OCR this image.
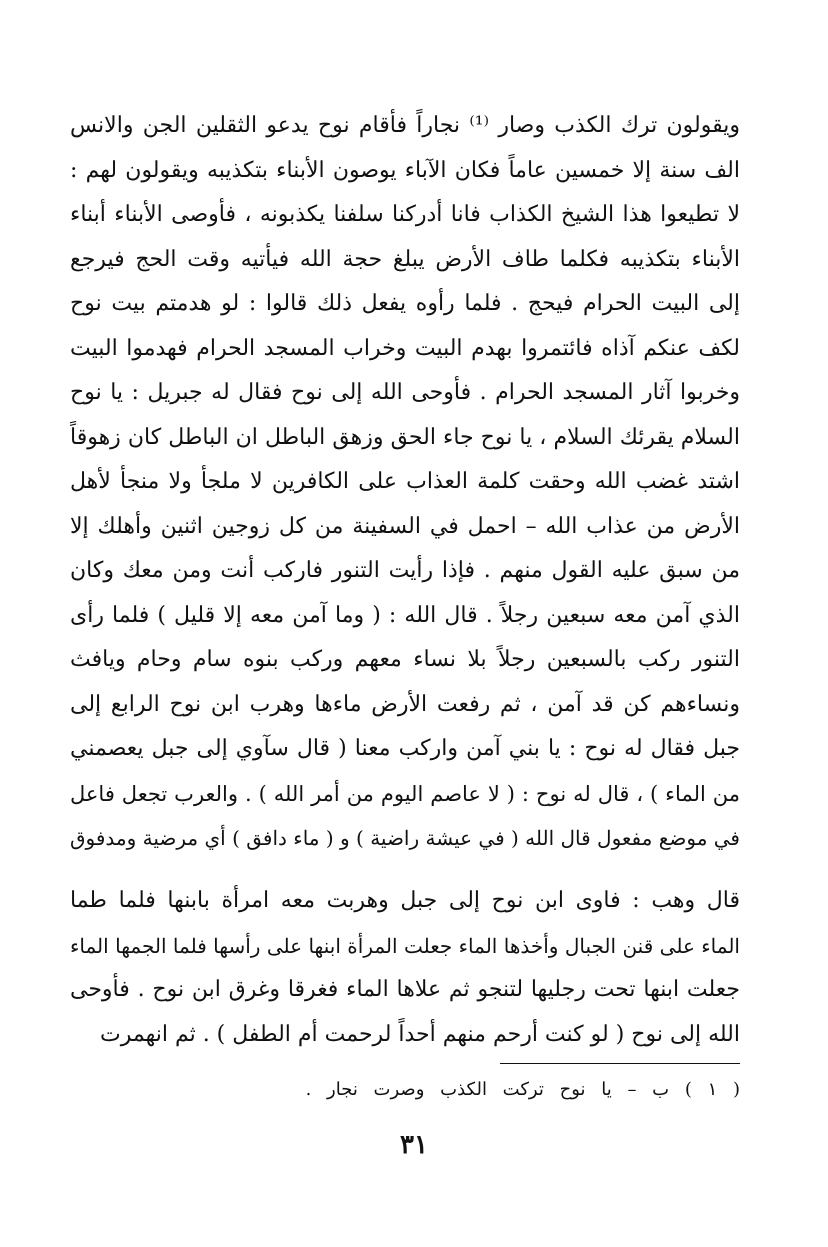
ويقولون ترك الكذب وصار ⁽¹⁾ نجاراً فأقام نوح يدعو الثقلين الجن والانس
الف سنة إلا خمسين عاماً فكان الآباء يوصون الأبناء بتكذيبه ويقولون لهم :
لا تطيعوا هذا الشيخ الكذاب فانا أدركنا سلفنا يكذبونه ، فأوصى الأبناء أبناء
الأبناء بتكذيبه فكلما طاف الأرض يبلغ حجة الله فيأتيه وقت الحج فيرجع
إلى البيت الحرام فيحج . فلما رأوه يفعل ذلك قالوا : لو هدمتم بيت نوح
لكف عنكم آذاه فائتمروا بهدم البيت وخراب المسجد الحرام فهدموا البيت
وخربوا آثار المسجد الحرام . فأوحى الله إلى نوح فقال له جبريل : يا نوح
السلام يقرئك السلام ، يا نوح جاء الحق وزهق الباطل ان الباطل كان زهوقاً
اشتد غضب الله وحقت كلمة العذاب على الكافرين لا ملجأ ولا منجأ لأهل
الأرض من عذاب الله – احمل في السفينة من كل زوجين اثنين وأهلك إلا
من سبق عليه القول منهم . فإذا رأيت التنور فاركب أنت ومن معك وكان
الذي آمن معه سبعين رجلاً . قال الله : ( وما آمن معه إلا قليل ) فلما رأى
التنور ركب بالسبعين رجلاً بلا نساء معهم وركب بنوه سام وحام ويافث
ونساءهم كن قد آمن ، ثم رفعت الأرض ماءها وهرب ابن نوح الرابع إلى
جبل فقال له نوح : يا بني آمن واركب معنا ( قال سآوي إلى جبل يعصمني
من الماء ) ، قال له نوح : ( لا عاصم اليوم من أمر الله ) . والعرب تجعل فاعل
في موضع مفعول قال الله ( في عيشة راضية ) و ( ماء دافق ) أي مرضية ومدفوق
قال وهب : فاوى ابن نوح إلى جبل وهربت معه امرأة بابنها فلما طما
الماء على قنن الجبال وأخذها الماء جعلت المرأة ابنها على رأسها فلما الجمها الماء
جعلت ابنها تحت رجليها لتنجو ثم علاها الماء فغرقا وغرق ابن نوح . فأوحى
الله إلى نوح ( لو كنت أرحم منهم أحداً لرحمت أم الطفل ) . ثم انهمرت
( ١ ) ب – يا نوح تركت الكذب وصرت نجار .
٣١
